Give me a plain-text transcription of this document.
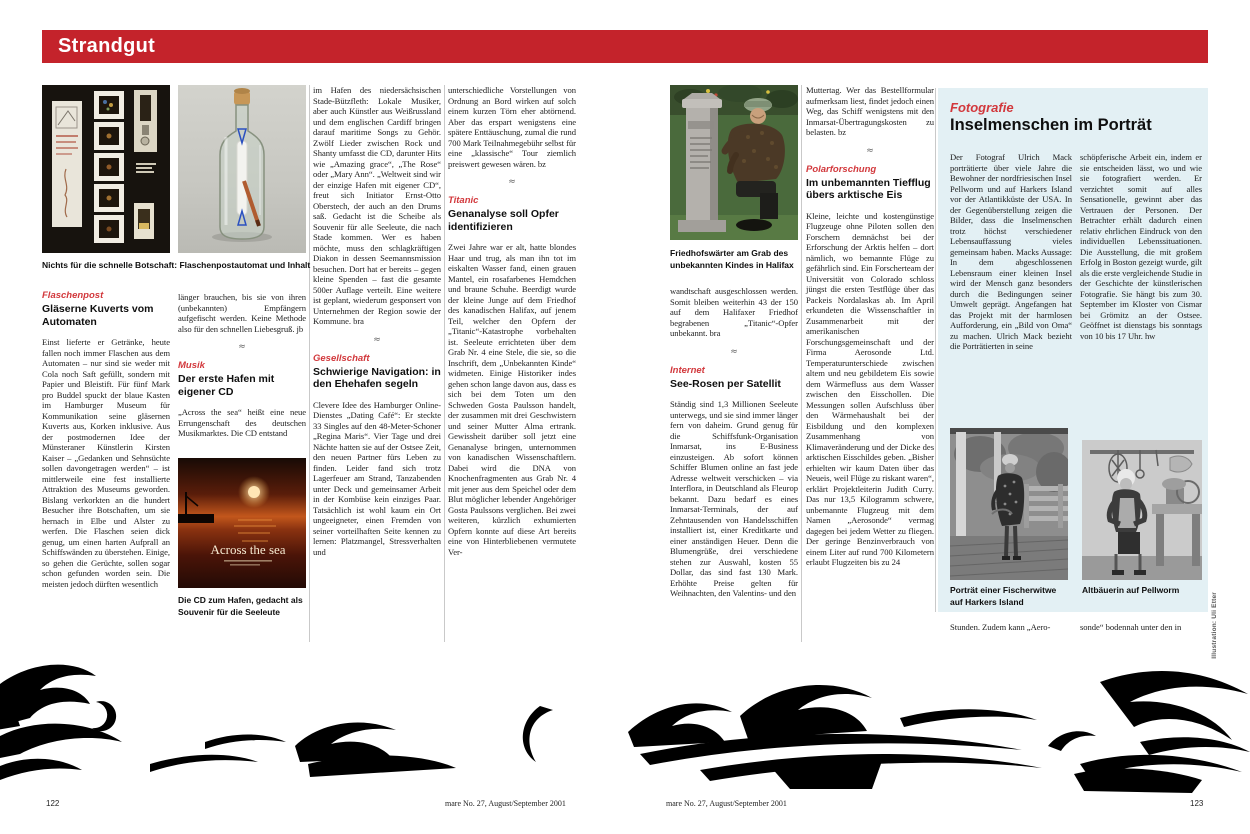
Strandgut
Nichts für die schnelle Botschaft: Flaschenpostautomat und Inhalt
Flaschenpost
Gläserne Kuverts vom Automaten
Einst lieferte er Getränke, heute fallen noch immer Flaschen aus dem Automaten – nur sind sie weder mit Cola noch Saft gefüllt, sondern mit Papier und Bleistift. Für fünf Mark pro Buddel spuckt der blaue Kasten im Hamburger Museum für Kommunikation seine gläsernen Kuverts aus, Korken inklusive. Aus der postmodernen Idee der Münsteraner Künstlerin Kirsten Kaiser – „Gedanken und Sehnsüchte sollen davongetragen werden“ – ist mittlerweile eine fest installierte Attraktion des Museums geworden. Bislang verkorkten an die hundert Besucher ihre Botschaften, um sie hernach in Elbe und Alster zu werfen. Die Flaschen seien dick genug, um einen harten Aufprall an Schiffswänden zu überstehen. Einige, so gehen die Gerüchte, sollen sogar schon gefunden worden sein. Die meisten jedoch dürften wesentlich
länger brauchen, bis sie von ihren (unbekannten) Empfängern aufgefischt werden. Keine Methode also für den schnellen Liebesgruß. jb
≈
Musik
Der erste Hafen mit eigener CD
„Across the sea“ heißt eine neue Errungenschaft des deutschen Musikmarktes. Die CD entstand
Across the sea
Die CD zum Hafen, gedacht als Souvenir für die Seeleute
im Hafen des niedersächsischen Stade-Bützfleth: Lokale Musiker, aber auch Künstler aus Weißrussland und dem englischen Cardiff bringen darauf maritime Songs zu Gehör. Zwölf Lieder zwischen Rock und Shanty umfasst die CD, darunter Hits wie „Amazing grace“, „The Rose“ oder „Mary Ann“. „Weltweit sind wir der einzige Hafen mit eigener CD“, freut sich Initiator Ernst-Otto Oberstech, der auch an den Drums saß. Gedacht ist die Scheibe als Souvenir für alle Seeleute, die nach Stade kommen. Wer es haben möchte, muss den schlagkräftigen Diakon in dessen Seemannsmission besuchen. Dort hat er bereits – gegen kleine Spenden – fast die gesamte 500er Auflage verteilt. Eine weitere ist geplant, wiederum gesponsert von Unternehmen der Region sowie der Kommune. bra
≈
Gesellschaft
Schwierige Navigation: in den Ehehafen segeln
Clevere Idee des Hamburger Online-Dienstes „Dating Café“: Er steckte 33 Singles auf den 48-Meter-Schoner „Regina Maris“. Vier Tage und drei Nächte hatten sie auf der Ostsee Zeit, den neuen Partner fürs Leben zu finden. Leider fand sich trotz Lagerfeuer am Strand, Tanzabenden unter Deck und gemeinsamer Arbeit in der Kombüse kein einziges Paar. Tatsächlich ist wohl kaum ein Ort ungeeigneter, einen Fremden von seiner vorteilhaften Seite kennen zu lernen: Platzmangel, Stressverhalten und
unterschiedliche Vorstellungen von Ordnung an Bord wirken auf solch einem kurzen Törn eher abtörnend. Aber das erspart wenigstens eine spätere Enttäuschung, zumal die rund 700 Mark Teilnahmegebühr selbst für eine „klassische“ Tour ziemlich preiswert gewesen wären. bz
≈
Titanic
Genanalyse soll Opfer identifizieren
Zwei Jahre war er alt, hatte blondes Haar und trug, als man ihn tot im eiskalten Wasser fand, einen grauen Mantel, ein rosafarbenes Hemdchen und braune Schuhe. Beerdigt wurde der kleine Junge auf dem Friedhof des kanadischen Halifax, auf jenem Teil, welcher den Opfern der „Titanic“-Katastrophe vorbehalten ist. Seeleute errichteten über dem Grab Nr. 4 eine Stele, die sie, so die Inschrift, dem „Unbekannten Kinde“ widmeten. Einige Historiker indes gehen schon lange davon aus, dass es sich bei dem Toten um den Schweden Gosta Paulsson handelt, der zusammen mit drei Geschwistern und seiner Mutter Alma ertrank. Gewissheit darüber soll jetzt eine Genanalyse bringen, unternommen von kanadischen Wissenschaftlern. Dabei wird die DNA von Knochenfragmenten aus Grab Nr. 4 mit jener aus dem Speichel oder dem Blut möglicher lebender Angehöriger Gosta Paulssons verglichen. Bei zwei weiteren, kürzlich exhumierten Opfern konnte auf diese Art bereits eine von Hinterbliebenen vermutete Ver-
Friedhofswärter am Grab des unbekannten Kindes in Halifax
wandtschaft ausgeschlossen werden. Somit bleiben weiterhin 43 der 150 auf dem Halifaxer Friedhof begrabenen „Titanic“-Opfer unbekannt. bra
≈
Internet
See-Rosen per Satellit
Ständig sind 1,3 Millionen Seeleute unterwegs, und sie sind immer länger fern von daheim. Grund genug für die Schiffsfunk-Organisation Inmarsat, ins E-Business einzusteigen. Ab sofort können Schiffer Blumen online an fast jede Adresse weltweit verschicken – via Interflora, in Deutschland als Fleurop bekannt. Dazu bedarf es eines Inmarsat-Terminals, der auf Zehntausenden von Handelsschiffen installiert ist, einer Kreditkarte und einer anständigen Heuer. Denn die Blumengrüße, drei verschiedene stehen zur Auswahl, kosten 55 Dollar, das sind fast 130 Mark. Erhöhte Preise gelten für Weihnachten, den Valentins- und den
Muttertag. Wer das Bestellformular aufmerksam liest, findet jedoch einen Weg, das Schiff wenigstens mit den Inmarsat-Übertragungskosten zu belasten. bz
≈
Polarforschung
Im unbemannten Tiefflug übers arktische Eis
Kleine, leichte und kostengünstige Flugzeuge ohne Piloten sollen den Forschern demnächst bei der Erforschung der Arktis helfen – dort nämlich, wo bemannte Flüge zu gefährlich sind. Ein Forscherteam der Universität von Colorado schloss jüngst die ersten Testflüge über das Packeis Nordalaskas ab. Im April erkundeten die Wissenschaftler in Zusammenarbeit mit der amerikanischen Forschungsgemeinschaft und der Firma Aerosonde Ltd. Temperaturunterschiede zwischen altem und neu gebildetem Eis sowie dem Wärmefluss aus dem Wasser zwischen den Eisschollen. Die Messungen sollen Aufschluss über den Wärmehaushalt bei der Eisbildung und den komplexen Zusammenhang von Klimaveränderung und der Dicke des arktischen Eisschildes geben. „Bisher erhielten wir kaum Daten über das Neueis, weil Flüge zu riskant waren“, erklärt Projektleiterin Judith Curry. Das nur 13,5 Kilogramm schwere, unbemannte Flugzeug mit dem Namen „Aerosonde“ vermag dagegen bei jedem Wetter zu fliegen. Der geringe Benzinverbrauch von einem Liter auf rund 700 Kilometern erlaubt Flugzeiten bis zu 24
Fotografie
Inselmenschen im Porträt
Der Fotograf Ulrich Mack porträtierte über viele Jahre die Bewohner der nordfriesischen Insel Pellworm und auf Harkers Island vor der Atlantikküste der USA. In der Gegenüberstellung zeigen die Bilder, dass die Inselmenschen trotz höchst verschiedener Lebensauffassung vieles gemeinsam haben. Macks Aussage: In dem abgeschlossenen Lebensraum einer kleinen Insel wird der Mensch ganz besonders durch die Bedingungen seiner Umwelt geprägt. Angefangen hat das Projekt mit der harmlosen Aufforderung, ein „Bild von Oma“ zu machen. Ulrich Mack bezieht die Porträtierten in seine
schöpferische Arbeit ein, indem er sie entscheiden lässt, wo und wie sie fotografiert werden. Er verzichtet somit auf alles Sensationelle, gewinnt aber das Vertrauen der Personen. Der Betrachter erhält dadurch einen relativ ehrlichen Eindruck von den individuellen Lebenssituationen. Die Ausstellung, die mit großem Erfolg in Boston gezeigt wurde, gilt als die erste vergleichende Studie in der Geschichte der künstlerischen Fotografie. Sie hängt bis zum 30. September im Kloster von Cismar bei Grömitz an der Ostsee. Geöffnet ist dienstags bis sonntags von 10 bis 17 Uhr. hw
Porträt einer Fischerwitwe auf Harkers Island
Altbäuerin auf Pellworm
Stunden. Zudem kann „Aero-	sonde“ bodennah unter den in	Illustration: Uli Etter
122	mare No. 27, August/September 2001	mare No. 27, August/September 2001	123
